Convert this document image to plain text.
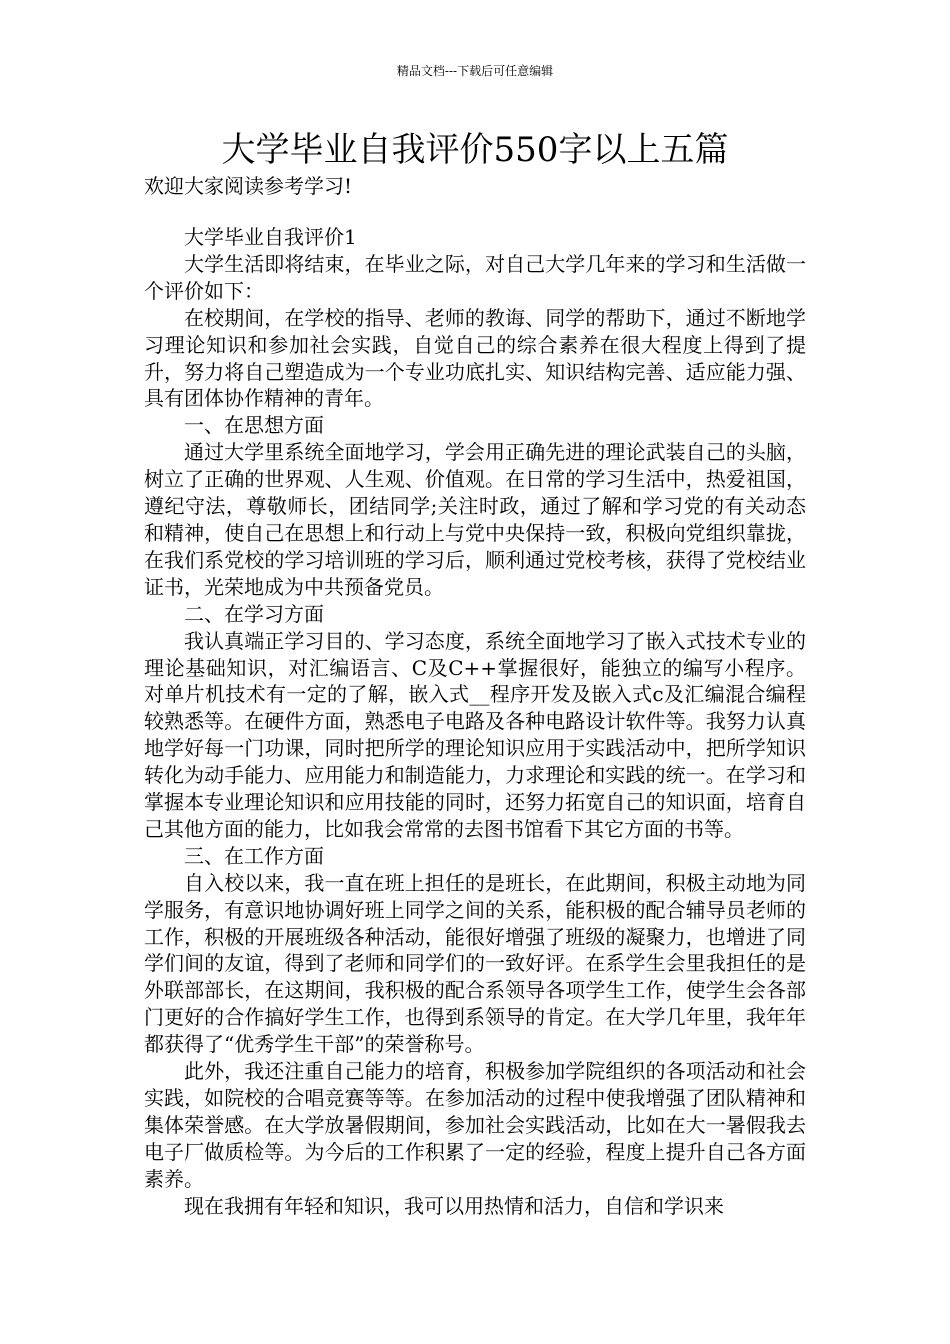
精品文档---下载后可任意编辑
大学毕业自我评价550字以上五篇
欢迎大家阅读参考学习!

大学毕业自我评价1

大学生活即将结束，在毕业之际，对自己大学几年来的学习和生活做一个评价如下：

在校期间，在学校的指导、老师的教诲、同学的帮助下，通过不断地学习理论知识和参加社会实践，自觉自己的综合素养在很大程度上得到了提升，努力将自己塑造成为一个专业功底扎实、知识结构完善、适应能力强、具有团体协作精神的青年。

一、在思想方面

通过大学里系统全面地学习，学会用正确先进的理论武装自己的头脑，树立了正确的世界观、人生观、价值观。在日常的学习生活中，热爱祖国，遵纪守法，尊敬师长，团结同学;关注时政，通过了解和学习党的有关动态和精神，使自己在思想上和行动上与党中央保持一致，积极向党组织靠拢，在我们系党校的学习培训班的学习后，顺利通过党校考核，获得了党校结业证书，光荣地成为中共预备党员。

二、在学习方面

我认真端正学习目的、学习态度，系统全面地学习了嵌入式技术专业的理论基础知识，对汇编语言、C及C++掌握很好，能独立的编写小程序。对单片机技术有一定的了解，嵌入式__程序开发及嵌入式c及汇编混合编程较熟悉等。在硬件方面，熟悉电子电路及各种电路设计软件等。我努力认真地学好每一门功课，同时把所学的理论知识应用于实践活动中，把所学知识转化为动手能力、应用能力和制造能力，力求理论和实践的统一。在学习和掌握本专业理论知识和应用技能的同时，还努力拓宽自己的知识面，培育自己其他方面的能力，比如我会常常的去图书馆看下其它方面的书等。

三、在工作方面

自入校以来，我一直在班上担任的是班长，在此期间，积极主动地为同学服务，有意识地协调好班上同学之间的关系，能积极的配合辅导员老师的工作，积极的开展班级各种活动，能很好增强了班级的凝聚力，也增进了同学们间的友谊，得到了老师和同学们的一致好评。在系学生会里我担任的是外联部部长，在这期间，我积极的配合系领导各项学生工作，使学生会各部门更好的合作搞好学生工作，也得到系领导的肯定。在大学几年里，我年年都获得了“优秀学生干部”的荣誉称号。

此外，我还注重自己能力的培育，积极参加学院组织的各项活动和社会实践，如院校的合唱竞赛等等。在参加活动的过程中使我增强了团队精神和集体荣誉感。在大学放暑假期间，参加社会实践活动，比如在大一暑假我去电子厂做质检等。为今后的工作积累了一定的经验，程度上提升自己各方面素养。

现在我拥有年轻和知识，我可以用热情和活力，自信和学识来
